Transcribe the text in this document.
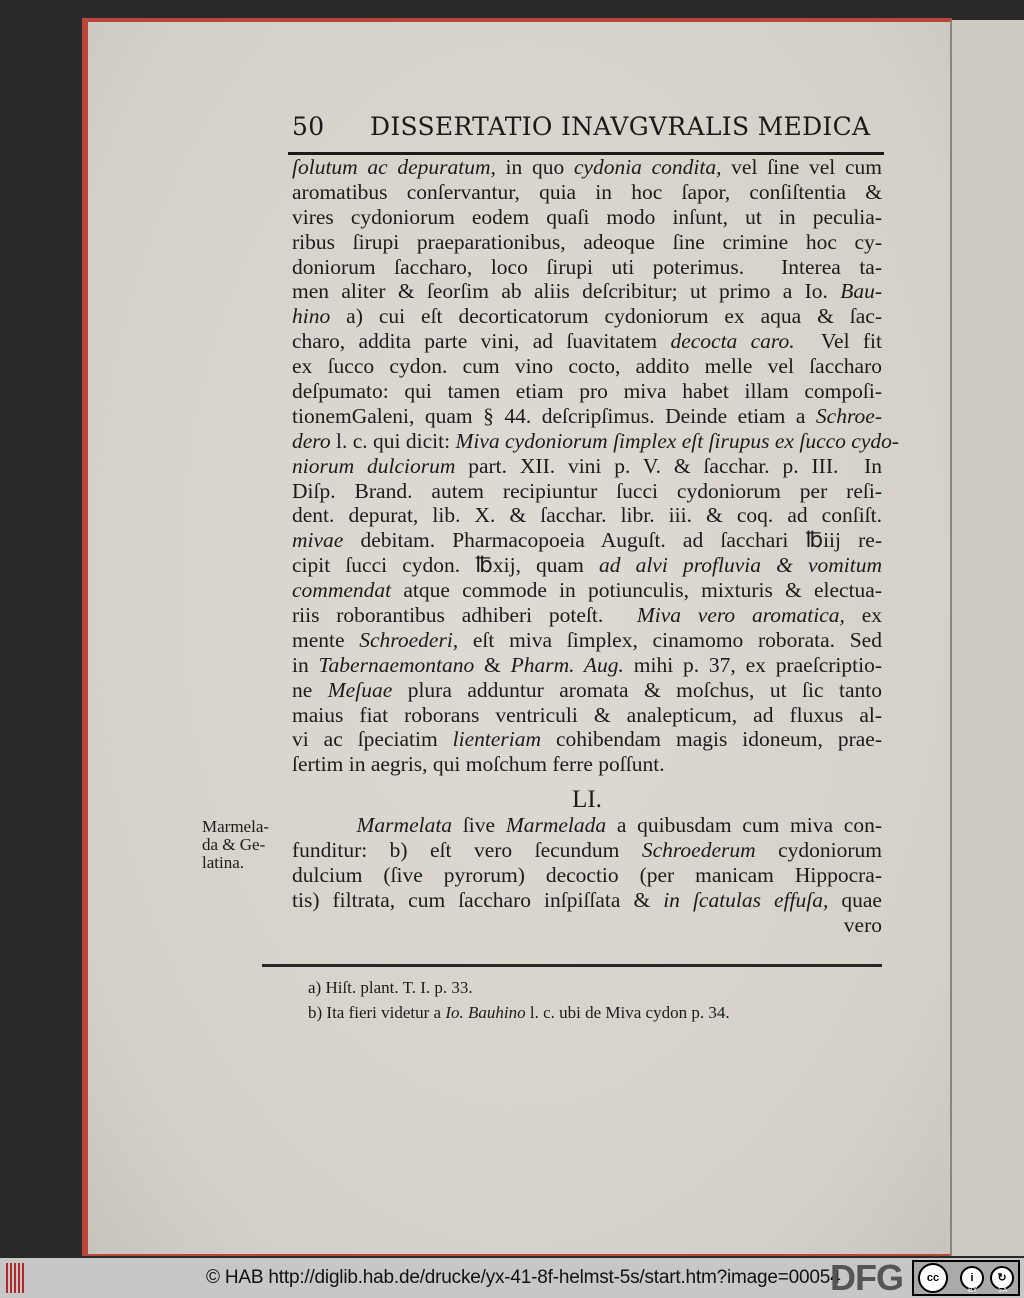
50 DISSERTATIO INAVGVRALIS MEDICA
ſolutum ac depuratum, in quo cydonia condita, vel ſine vel cum
aromatibus conſervantur, quia in hoc ſapor, conſiſtentia &
vires cydoniorum eodem quaſi modo inſunt, ut in peculia-
ribus ſirupi praeparationibus, adeoque ſine crimine hoc cy-
doniorum ſaccharo, loco ſirupi uti poterimus.  Interea ta-
men aliter & ſeorſim ab aliis deſcribitur; ut primo a Io. Bau-
hino a) cui eſt decorticatorum cydoniorum ex aqua & ſac-
charo, addita parte vini, ad ſuavitatem decocta caro.  Vel fit
ex ſucco cydon. cum vino cocto, addito melle vel ſaccharo
deſpumato: qui tamen etiam pro miva habet illam compoſi-
tionemGaleni, quam § 44. deſcripſimus. Deinde etiam a Schroe-
dero l. c. qui dicit: Miva cydoniorum ſimplex eſt ſirupus ex ſucco cydo-
niorum dulciorum part. XII. vini p. V. & ſacchar. p. III.  In
Diſp. Brand. autem recipiuntur ſucci cydoniorum per reſi-
dent. depurat, lib. X. & ſacchar. libr. iii. & coq. ad conſiſt.
mivae debitam. Pharmacopoeia Auguſt. ad ſacchari ℔iij re-
cipit ſucci cydon. ℔xij, quam ad alvi profluvia & vomitum
commendat atque commode in potiunculis, mixturis & electua-
riis roborantibus adhiberi poteſt.  Miva vero aromatica, ex
mente Schroederi, eſt miva ſimplex, cinamomo roborata. Sed
in Tabernaemontano & Pharm. Aug. mihi p. 37, ex praeſcriptio-
ne Meſuae plura adduntur aromata & moſchus, ut ſic tanto
maius fiat roborans ventriculi & analepticum, ad fluxus al-
vi ac ſpeciatim lienteriam cohibendam magis idoneum, prae-
ſertim in aegris, qui moſchum ferre poſſunt.
LI.
Marmela-
da & Ge-
latina.
Marmelata ſive Marmelada a quibusdam cum miva con-
funditur: b) eſt vero ſecundum Schroederum cydoniorum
dulcium (ſive pyrorum) decoctio (per manicam Hippocra-
tis) filtrata, cum ſaccharo inſpiſſata & in ſcatulas effuſa, quae
vero
a) Hiſt. plant. T. I. p. 33.
b) Ita fieri videtur a Io. Bauhino l. c. ubi de Miva cydon p. 34.
© HAB http://diglib.hab.de/drucke/yx-41-8f-helmst-5s/start.htm?image=00054
DFG	cc	i	↻
BY	SA
